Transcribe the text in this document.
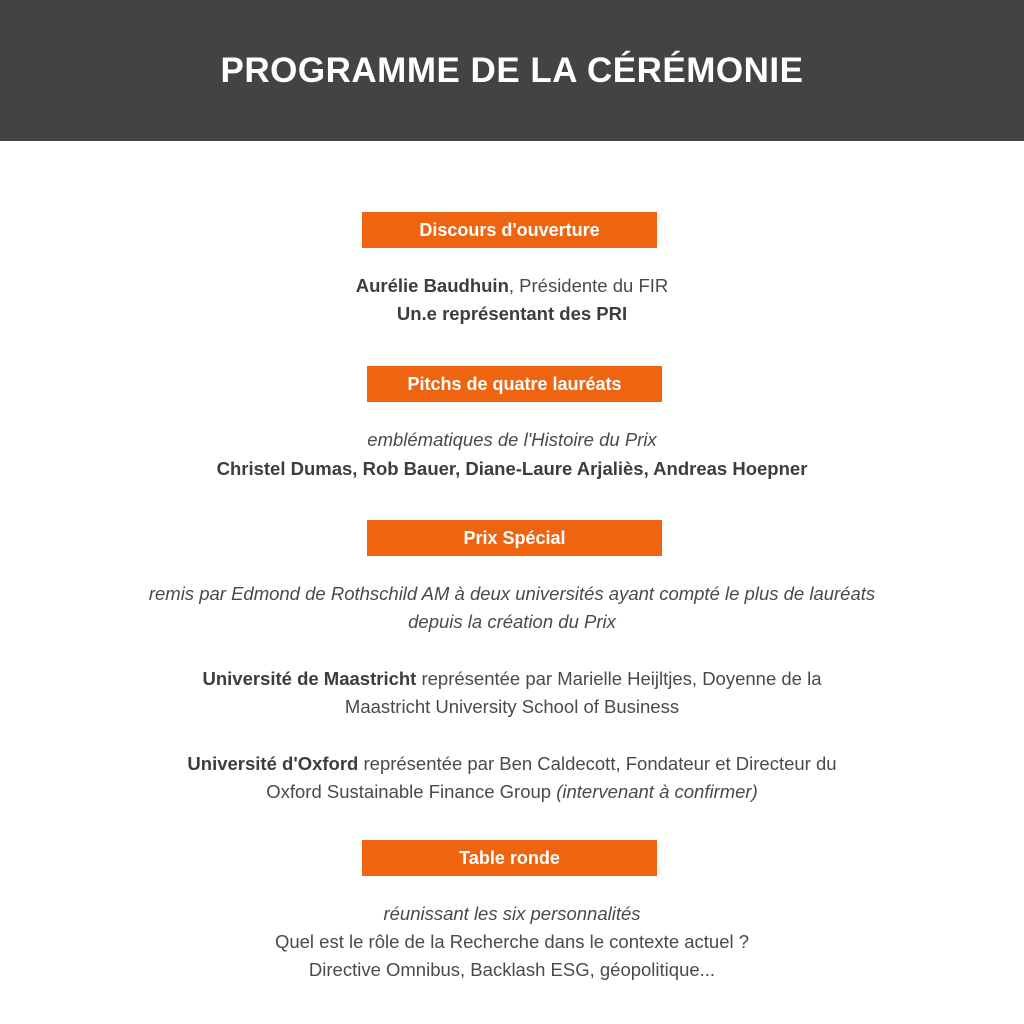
PROGRAMME DE LA CÉRÉMONIE
Discours d'ouverture
Aurélie Baudhuin, Présidente du FIR
Un.e représentant des PRI
Pitchs de quatre lauréats
emblématiques de l'Histoire du Prix
Christel Dumas, Rob Bauer, Diane-Laure Arjaliès, Andreas Hoepner
Prix Spécial
remis par Edmond de Rothschild AM à deux universités ayant compté le plus de lauréats
depuis la création du Prix
Université de Maastricht représentée par Marielle Heijltjes, Doyenne de la
Maastricht University School of Business
Université d'Oxford représentée par Ben Caldecott, Fondateur et Directeur du
Oxford Sustainable Finance Group (intervenant à confirmer)
Table ronde
réunissant les six personnalités
Quel est le rôle de la Recherche dans le contexte actuel ?
Directive Omnibus, Backlash ESG, géopolitique...
